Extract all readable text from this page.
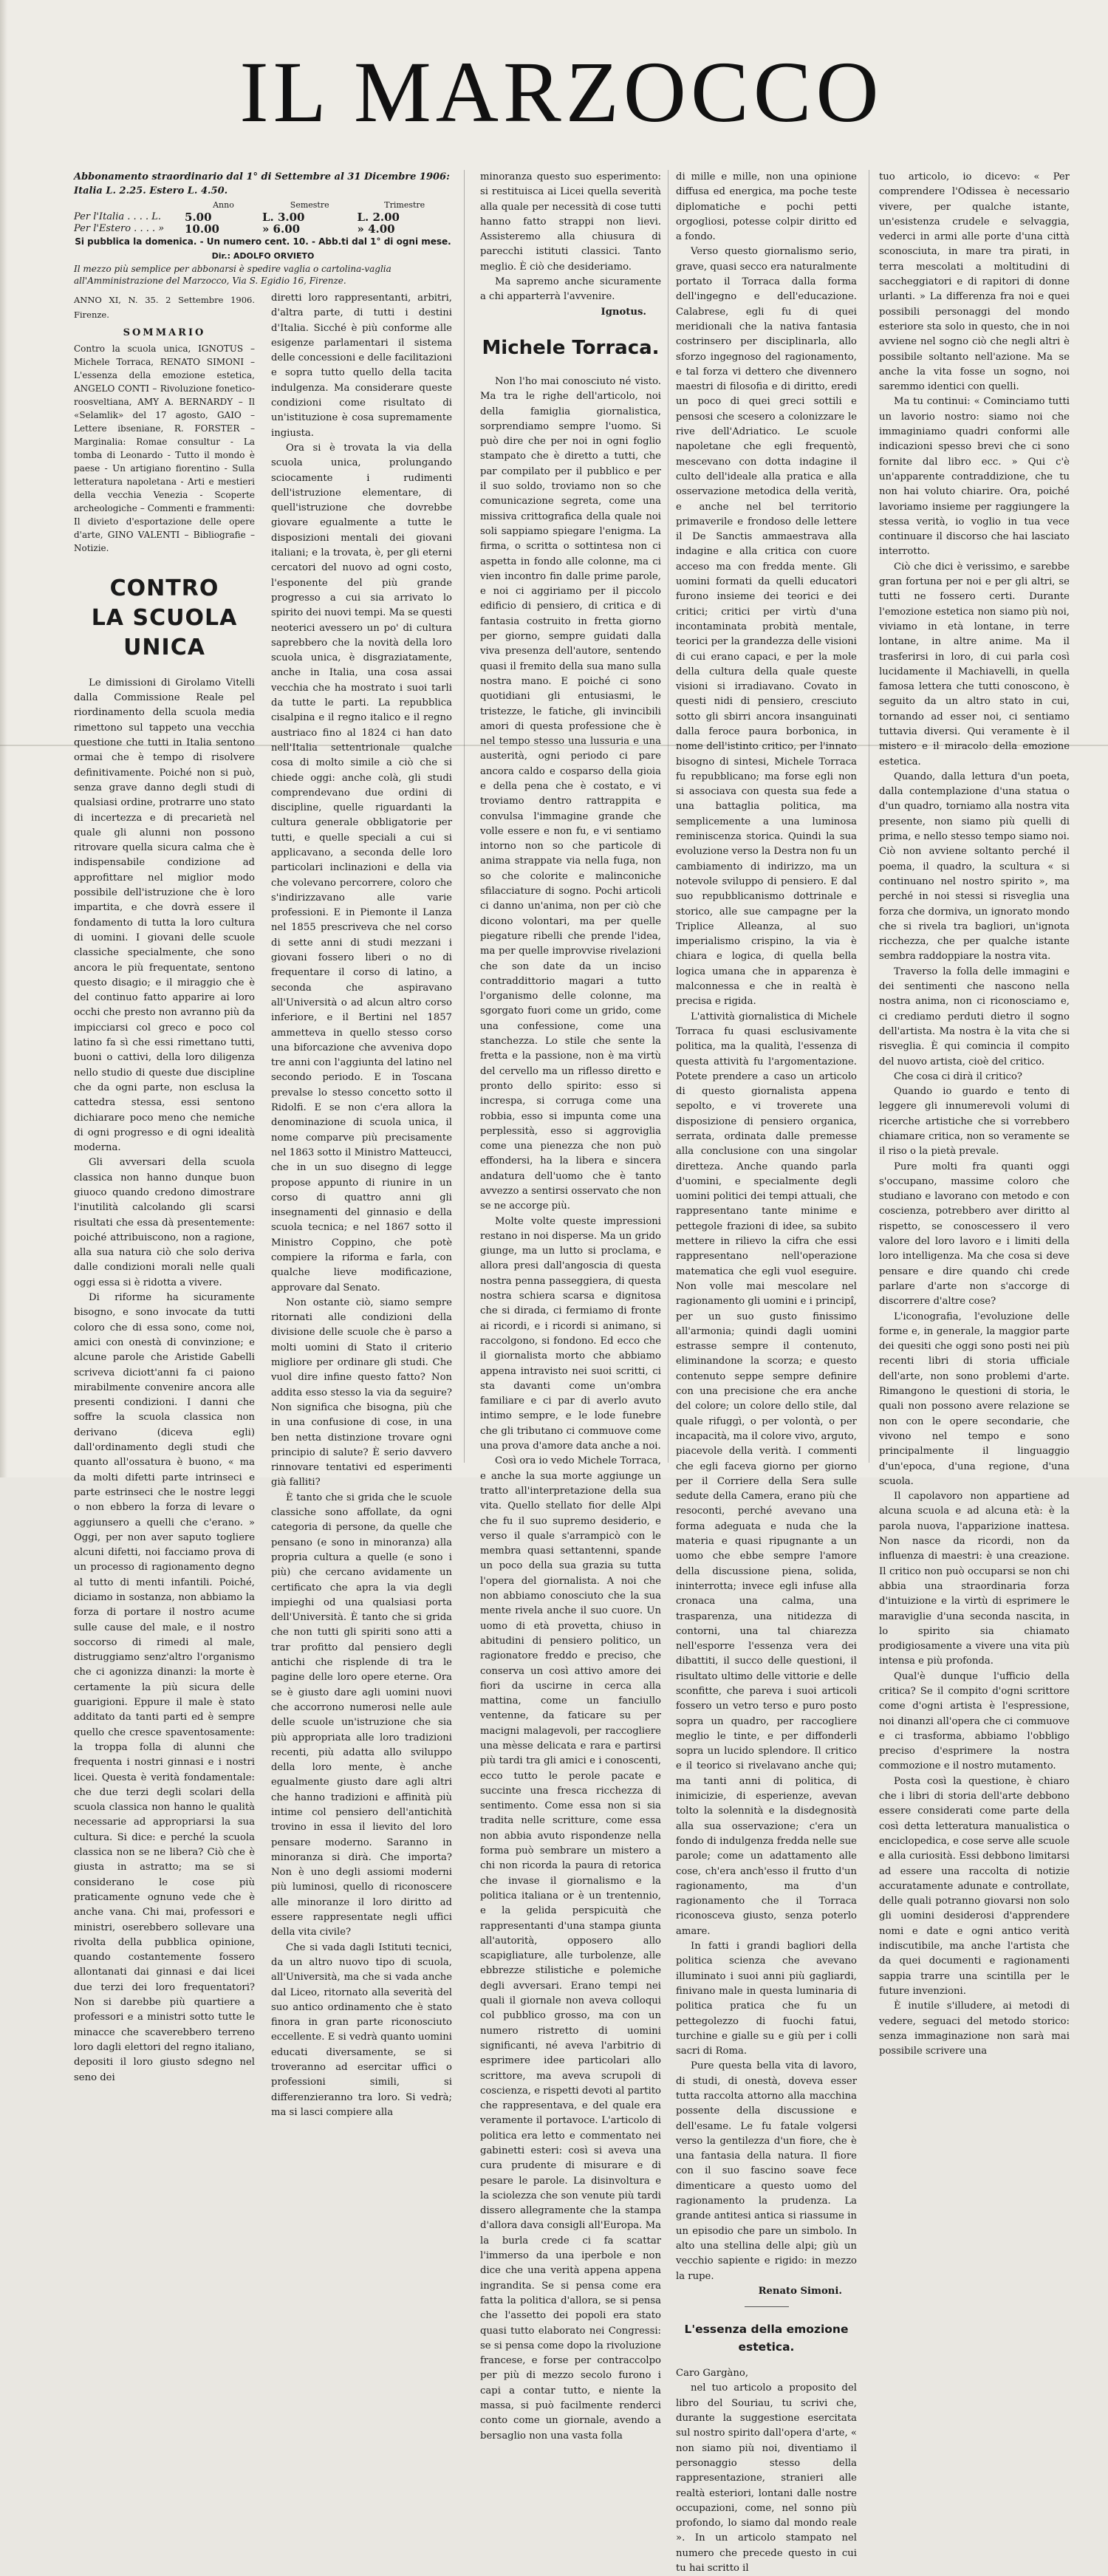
IL MARZOCCO
Abbonamento straordinario dal 1° di Settembre al 31 Dicembre 1906: Italia L. 2.25. Estero L. 4.50.
	Anno	Semestre	Trimestre
Per l'Italia . . . . L.	5.00	L. 3.00	L. 2.00
Per l'Estero . . . . »	10.00	» 6.00	» 4.00
Si pubblica la domenica. - Un numero cent. 10. - Abb.ti dal 1° di ogni mese.
Dir.: ADOLFO ORVIETO
Il mezzo più semplice per abbonarsi è spedire vaglia o cartolina-vaglia all'Amministrazione del Marzocco, Via S. Egidio 16, Firenze.
ANNO XI, N. 35. 2 Settembre 1906. Firenze.
SOMMARIO
Contro la scuola unica, IGNOTUS – Michele Torraca, RENATO SIMONI – L'essenza della emozione estetica, ANGELO CONTI – Rivoluzione fonetico-roosveltiana, AMY A. BERNARDY – Il «Selamlik» del 17 agosto, GAIO – Lettere ibseniane, R. FORSTER – Marginalia: Romae consultur - La tomba di Leonardo - Tutto il mondo è paese - Un artigiano fiorentino - Sulla letteratura napoletana - Arti e mestieri della vecchia Venezia - Scoperte archeologiche – Commenti e frammenti: Il divieto d'esportazione delle opere d'arte, GINO VALENTI – Bibliografie – Notizie.
CONTRO
LA SCUOLA UNICA

Le dimissioni di Girolamo Vitelli dalla Commissione Reale pel riordinamento della scuola media rimettono sul tappeto una vecchia questione che tutti in Italia sentono ormai che è tempo di risolvere definitivamente. Poiché non si può, senza grave danno degli studi di qualsiasi ordine, protrarre uno stato di incertezza e di precarietà nel quale gli alunni non possono ritrovare quella sicura calma che è indispensabile condizione ad approfittare nel miglior modo possibile dell'istruzione che è loro impartita, e che dovrà essere il fondamento di tutta la loro cultura di uomini. I giovani delle scuole classiche specialmente, che sono ancora le più frequentate, sentono questo disagio; e il miraggio che è del continuo fatto apparire ai loro occhi che presto non avranno più da impicciarsi col greco e poco col latino fa sì che essi rimettano tutti, buoni o cattivi, della loro diligenza nello studio di queste due discipline che da ogni parte, non esclusa la cattedra stessa, essi sentono dichiarare poco meno che nemiche di ogni progresso e di ogni idealità moderna.

Gli avversari della scuola classica non hanno dunque buon giuoco quando credono dimostrare l'inutilità calcolando gli scarsi risultati che essa dà presentemente: poiché attribuiscono, non a ragione, alla sua natura ciò che solo deriva dalle condizioni morali nelle quali oggi essa si è ridotta a vivere.

Di riforme ha sicuramente bisogno, e sono invocate da tutti coloro che di essa sono, come noi, amici con onestà di convinzione; e alcune parole che Aristide Gabelli scriveva diciott'anni fa ci paiono mirabilmente convenire ancora alle presenti condizioni. I danni che soffre la scuola classica non derivano (diceva egli) dall'ordinamento degli studi che quanto all'ossatura è buono, « ma da molti difetti parte intrinseci e parte estrinseci che le nostre leggi o non ebbero la forza di levare o aggiunsero a quelli che c'erano. » Oggi, per non aver saputo togliere alcuni difetti, noi facciamo prova di un processo di ragionamento degno al tutto di menti infantili. Poiché, diciamo in sostanza, non abbiamo la forza di portare il nostro acume sulle cause del male, e il nostro soccorso di rimedi al male, distruggiamo senz'altro l'organismo che ci agonizza dinanzi: la morte è certamente la più sicura delle guarigioni. Eppure il male è stato additato da tanti parti ed è sempre quello che cresce spaventosamente: la troppa folla di alunni che frequenta i nostri ginnasi e i nostri licei. Questa è verità fondamentale: che due terzi degli scolari della scuola classica non hanno le qualità necessarie ad appropriarsi la sua cultura. Si dice: e perché la scuola classica non se ne libera? Ciò che è giusta in astratto; ma se si considerano le cose più praticamente ognuno vede che è anche vana. Chi mai, professori e ministri, oserebbero sollevare una rivolta della pubblica opinione, quando costantemente fossero allontanati dai ginnasi e dai licei due terzi dei loro frequentatori? Non si darebbe più quartiere a professori e a ministri sotto tutte le minacce che scaverebbero terreno loro dagli elettori del regno italiano, depositi il loro giusto sdegno nel seno dei

diretti loro rappresentanti, arbitri, d'altra parte, di tutti i destini d'Italia. Sicché è più conforme alle esigenze parlamentari il sistema delle concessioni e delle facilitazioni e sopra tutto quello della tacita indulgenza. Ma considerare queste condizioni come risultato di un'istituzione è cosa supremamente ingiusta.

Ora si è trovata la via della scuola unica, prolungando sciocamente i rudimenti dell'istruzione elementare, di quell'istruzione che dovrebbe giovare egualmente a tutte le disposizioni mentali dei giovani italiani; e la trovata, è, per gli eterni cercatori del nuovo ad ogni costo, l'esponente del più grande progresso a cui sia arrivato lo spirito dei nuovi tempi. Ma se questi neoterici avessero un po' di cultura saprebbero che la novità della loro scuola unica, è disgraziatamente, anche in Italia, una cosa assai vecchia che ha mostrato i suoi tarli da tutte le parti. La repubblica cisalpina e il regno italico e il regno austriaco fino al 1824 ci han dato nell'Italia settentrionale qualche cosa di molto simile a ciò che si chiede oggi: anche colà, gli studi comprendevano due ordini di discipline, quelle riguardanti la cultura generale obbligatorie per tutti, e quelle speciali a cui si applicavano, a seconda delle loro particolari inclinazioni e della via che volevano percorrere, coloro che s'indirizzavano alle varie professioni. E in Piemonte il Lanza nel 1855 prescriveva che nel corso di sette anni di studi mezzani i giovani fossero liberi o no di frequentare il corso di latino, a seconda che aspiravano all'Università o ad alcun altro corso inferiore, e il Bertini nel 1857 ammetteva in quello stesso corso una biforcazione che avveniva dopo tre anni con l'aggiunta del latino nel secondo periodo. E in Toscana prevalse lo stesso concetto sotto il Ridolfi. E se non c'era allora la denominazione di scuola unica, il nome comparve più precisamente nel 1863 sotto il Ministro Matteucci, che in un suo disegno di legge propose appunto di riunire in un corso di quattro anni gli insegnamenti del ginnasio e della scuola tecnica; e nel 1867 sotto il Ministro Coppino, che potè compiere la riforma e farla, con qualche lieve modificazione, approvare dal Senato.

Non ostante ciò, siamo sempre ritornati alle condizioni della divisione delle scuole che è parso a molti uomini di Stato il criterio migliore per ordinare gli studi. Che vuol dire infine questo fatto? Non addita esso stesso la via da seguire? Non significa che bisogna, più che in una confusione di cose, in una ben netta distinzione trovare ogni principio di salute? È serio davvero rinnovare tentativi ed esperimenti già falliti?

È tanto che si grida che le scuole classiche sono affollate, da ogni categoria di persone, da quelle che pensano (e sono in minoranza) alla propria cultura a quelle (e sono i più) che cercano avidamente un certificato che apra la via degli impieghi od una qualsiasi porta dell'Università. È tanto che si grida che non tutti gli spiriti sono atti a trar profitto dal pensiero degli antichi che risplende di tra le pagine delle loro opere eterne. Ora se è giusto dare agli uomini nuovi che accorrono numerosi nelle aule delle scuole un'istruzione che sia più appropriata alle loro tradizioni recenti, più adatta allo sviluppo della loro mente, è anche egualmente giusto dare agli altri che hanno tradizioni e affinità più intime col pensiero dell'antichità trovino in essa il lievito del loro pensare moderno. Saranno in minoranza si dirà. Che importa? Non è uno degli assiomi moderni più luminosi, quello di riconoscere alle minoranze il loro diritto ad essere rappresentate negli uffici della vita civile?

Che si vada dagli Istituti tecnici, da un altro nuovo tipo di scuola, all'Università, ma che si vada anche dal Liceo, ritornato alla severità del suo antico ordinamento che è stato finora in gran parte riconosciuto eccellente. E si vedrà quanto uomini educati diversamente, se si troveranno ad esercitar uffici o professioni simili, si differenzieranno tra loro. Si vedrà; ma si lasci compiere alla

minoranza questo suo esperimento: si restituisca ai Licei quella severità alla quale per necessità di cose tutti hanno fatto strappi non lievi. Assisteremo alla chiusura di parecchi istituti classici. Tanto meglio. È ciò che desideriamo.

Ma sapremo anche sicuramente a chi apparterrà l'avvenire.

Ignotus.
Michele Torraca.

Non l'ho mai conosciuto né visto. Ma tra le righe dell'articolo, noi della famiglia giornalistica, sorprendiamo sempre l'uomo. Si può dire che per noi in ogni foglio stampato che è diretto a tutti, che par compilato per il pubblico e per il suo soldo, troviamo non so che comunicazione segreta, come una missiva crittografica della quale noi soli sappiamo spiegare l'enigma. La firma, o scritta o sottintesa non ci aspetta in fondo alle colonne, ma ci vien incontro fin dalle prime parole, e noi ci aggiriamo per il piccolo edificio di pensiero, di critica e di fantasia costruito in fretta giorno per giorno, sempre guidati dalla viva presenza dell'autore, sentendo quasi il fremito della sua mano sulla nostra mano. E poiché ci sono quotidiani gli entusiasmi, le tristezze, le fatiche, gli invincibili amori di questa professione che è nel tempo stesso una lussuria e una austerità, ogni periodo ci pare ancora caldo e cosparso della gioia e della pena che è costato, e vi troviamo dentro rattrappita e convulsa l'immagine grande che volle essere e non fu, e vi sentiamo intorno non so che particole di anima strappate via nella fuga, non so che colorite e malinconiche sfilacciature di sogno. Pochi articoli ci danno un'anima, non per ciò che dicono volontari, ma per quelle piegature ribelli che prende l'idea, ma per quelle improvvise rivelazioni che son date da un inciso contraddittorio magari a tutto l'organismo delle colonne, ma sgorgato fuori come un grido, come una confessione, come una stanchezza. Lo stile che sente la fretta e la passione, non è ma virtù del cervello ma un riflesso diretto e pronto dello spirito: esso si increspa, si corruga come una robbia, esso si impunta come una perplessità, esso si aggroviglia come una pienezza che non può effondersi, ha la libera e sincera andatura dell'uomo che è tanto avvezzo a sentirsi osservato che non se ne accorge più.

Molte volte queste impressioni restano in noi disperse. Ma un grido giunge, ma un lutto si proclama, e allora presi dall'angoscia di questa nostra penna passeggiera, di questa nostra schiera scarsa e dignitosa che si dirada, ci fermiamo di fronte ai ricordi, e i ricordi si animano, si raccolgono, si fondono. Ed ecco che il giornalista morto che abbiamo appena intravisto nei suoi scritti, ci sta davanti come un'ombra familiare e ci par di averlo avuto intimo sempre, e le lode funebre che gli tributano ci commuove come una prova d'amore data anche a noi.

Così ora io vedo Michele Torraca, e anche la sua morte aggiunge un tratto all'interpretazione della sua vita. Quello stellato fior delle Alpi che fu il suo supremo desiderio, e verso il quale s'arrampicò con le membra quasi settantenni, spande un poco della sua grazia su tutta l'opera del giornalista. A noi che non abbiamo conosciuto che la sua mente rivela anche il suo cuore. Un uomo di età provetta, chiuso in abitudini di pensiero politico, un ragionatore freddo e preciso, che conserva un così attivo amore dei fiori da uscirne in cerca alla mattina, come un fanciullo ventenne, da faticare su per macigni malagevoli, per raccogliere una mèsse delicata e rara e partirsi più tardi tra gli amici e i conoscenti, ecco tutto le perole pacate e succinte una fresca ricchezza di sentimento. Come essa non si sia tradita nelle scritture, come essa non abbia avuto rispondenze nella forma può sembrare un mistero a chi non ricorda la paura di retorica che invase il giornalismo e la politica italiana or è un trentennio, e la gelida perspicuità che rappresentanti d'una stampa giunta all'autorità, opposero allo scapigliature, alle turbolenze, alle ebbrezze stilistiche e polemiche degli avversari. Erano tempi nei quali il giornale non aveva colloqui col pubblico grosso, ma con un numero ristretto di uomini significanti, né aveva l'arbitrio di esprimere idee particolari allo scrittore, ma aveva scrupoli di coscienza, e rispetti devoti al partito che rappresentava, e del quale era veramente il portavoce. L'articolo di politica era letto e commentato nei gabinetti esteri: così si aveva una cura prudente di misurare e di pesare le parole. La disinvoltura e la sciolezza che son venute più tardi dissero allegramente che la stampa d'allora dava consigli all'Europa. Ma la burla crede ci fa scattar l'immerso da una iperbole e non dice che una verità appena appena ingrandita. Se si pensa come era fatta la politica d'allora, se si pensa che l'assetto dei popoli era stato quasi tutto elaborato nei Congressi: se si pensa come dopo la rivoluzione francese, e forse per contraccolpo per più di mezzo secolo furono i capi a contar tutto, e niente la massa, si può facilmente renderci conto come un giornale, avendo a bersaglio non una vasta folla

di mille e mille, non una opinione diffusa ed energica, ma poche teste diplomatiche e pochi petti orgogliosi, potesse colpir diritto ed a fondo.

Verso questo giornalismo serio, grave, quasi secco era naturalmente portato il Torraca dalla forma dell'ingegno e dell'educazione. Calabrese, egli fu di quei meridionali che la nativa fantasia costrinsero per disciplinarla, allo sforzo ingegnoso del ragionamento, e tal forza vi dettero che divennero maestri di filosofia e di diritto, eredi un poco di quei greci sottili e pensosi che scesero a colonizzare le rive dell'Adriatico. Le scuole napoletane che egli frequentò, mescevano con dotta indagine il culto dell'ideale alla pratica e alla osservazione metodica della verità, e anche nel bel territorio primaverile e frondoso delle lettere il De Sanctis ammaestrava alla indagine e alla critica con cuore acceso ma con fredda mente. Gli uomini formati da quelli educatori furono insieme dei teorici e dei critici; critici per virtù d'una incontaminata probità mentale, teorici per la grandezza delle visioni di cui erano capaci, e per la mole della cultura della quale queste visioni si irradiavano. Covato in questi nidi di pensiero, cresciuto sotto gli sbirri ancora insanguinati dalla feroce paura borbonica, in nome dell'istinto critico, per l'innato bisogno di sintesi, Michele Torraca fu repubblicano; ma forse egli non si associava con questa sua fede a una battaglia politica, ma semplicemente a una luminosa reminiscenza storica. Quindi la sua evoluzione verso la Destra non fu un cambiamento di indirizzo, ma un notevole sviluppo di pensiero. E dal suo repubblicanismo dottrinale e storico, alle sue campagne per la Triplice Alleanza, al suo imperialismo crispino, la via è chiara e logica, di quella bella logica umana che in apparenza è malconnessa e che in realtà è precisa e rigida.

L'attività giornalistica di Michele Torraca fu quasi esclusivamente politica, ma la qualità, l'essenza di questa attività fu l'argomentazione. Potete prendere a caso un articolo di questo giornalista appena sepolto, e vi troverete una disposizione di pensiero organica, serrata, ordinata dalle premesse alla conclusione con una singolar diretteza. Anche quando parla d'uomini, e specialmente degli uomini politici dei tempi attuali, che rappresentano tante minime e pettegole frazioni di idee, sa subito mettere in rilievo la cifra che essi rappresentano nell'operazione matematica che egli vuol eseguire. Non volle mai mescolare nel ragionamento gli uomini e i principî, per un suo gusto finissimo all'armonia; quindi dagli uomini estrasse sempre il contenuto, eliminandone la scorza; e questo contenuto seppe sempre definire con una precisione che era anche del colore; un colore dello stile, dal quale rifuggì, o per volontà, o per incapacità, ma il colore vivo, arguto, piacevole della verità. I commenti che egli faceva giorno per giorno per il Corriere della Sera sulle sedute della Camera, erano più che resoconti, perché avevano una forma adeguata e nuda che la materia e quasi ripugnante a un uomo che ebbe sempre l'amore della discussione piena, solida, ininterrotta; invece egli infuse alla cronaca una calma, una trasparenza, una nitidezza di contorni, una tal chiarezza nell'esporre l'essenza vera dei dibattiti, il succo delle questioni, il risultato ultimo delle vittorie e delle sconfitte, che pareva i suoi articoli fossero un vetro terso e puro posto sopra un quadro, per raccogliere meglio le tinte, e per diffonderli sopra un lucido splendore. Il critico e il teorico si rivelavano anche qui; ma tanti anni di politica, di inimicizie, di esperienze, avevan tolto la solennità e la disdegnosità alla sua osservazione; c'era un fondo di indulgenza fredda nelle sue parole; come un adattamento alle cose, ch'era anch'esso il frutto d'un ragionamento, ma d'un ragionamento che il Torraca riconosceva giusto, senza poterlo amare.

In fatti i grandi bagliori della politica scienza che avevano illuminato i suoi anni più gagliardi, finivano male in questa luminaria di politica pratica che fu un pettegolezzo di fuochi fatui, turchine e gialle su e giù per i colli sacri di Roma.

Pure questa bella vita di lavoro, di studi, di onestà, doveva esser tutta raccolta attorno alla macchina possente della discussione e dell'esame. Le fu fatale volgersi verso la gentilezza d'un fiore, che è una fantasia della natura. Il fiore con il suo fascino soave fece dimenticare a questo uomo del ragionamento la prudenza. La grande antitesi antica si riassume in un episodio che pare un simbolo. In alto una stellina delle alpi; giù un vecchio sapiente e rigido: in mezzo la rupe.

Renato Simoni.
L'essenza della emozione estetica.

Caro Gargàno,

nel tuo articolo a proposito del libro del Souriau, tu scrivi che, durante la suggestione esercitata sul nostro spirito dall'opera d'arte, « non siamo più noi, diventiamo il personaggio stesso della rappresentazione, stranieri alle realtà esteriori, lontani dalle nostre occupazioni, come, nel sonno più profondo, lo siamo dal mondo reale ». In un articolo stampato nel numero che precede questo in cui tu hai scritto il

tuo articolo, io dicevo: « Per comprendere l'Odissea è necessario vivere, per qualche istante, un'esistenza crudele e selvaggia, vederci in armi alle porte d'una città sconosciuta, in mare tra pirati, in terra mescolati a moltitudini di saccheggiatori e di rapitori di donne urlanti. » La differenza fra noi e quei possibili personaggi del mondo esteriore sta solo in questo, che in noi avviene nel sogno ciò che negli altri è possibile soltanto nell'azione. Ma se anche la vita fosse un sogno, noi saremmo identici con quelli.

Ma tu continui: « Cominciamo tutti un lavorio nostro: siamo noi che immaginiamo quadri conformi alle indicazioni spesso brevi che ci sono fornite dal libro ecc. » Qui c'è un'apparente contraddizione, che tu non hai voluto chiarire. Ora, poiché lavoriamo insieme per raggiungere la stessa verità, io voglio in tua vece continuare il discorso che hai lasciato interrotto.

Ciò che dici è verissimo, e sarebbe gran fortuna per noi e per gli altri, se tutti ne fossero certi. Durante l'emozione estetica non siamo più noi, viviamo in età lontane, in terre lontane, in altre anime. Ma il trasferirsi in loro, di cui parla così lucidamente il Machiavelli, in quella famosa lettera che tutti conoscono, è seguito da un altro stato in cui, tornando ad esser noi, ci sentiamo tuttavia diversi. Qui veramente è il mistero e il miracolo della emozione estetica.

Quando, dalla lettura d'un poeta, dalla contemplazione d'una statua o d'un quadro, torniamo alla nostra vita presente, non siamo più quelli di prima, e nello stesso tempo siamo noi. Ciò non avviene soltanto perché il poema, il quadro, la scultura « si continuano nel nostro spirito », ma perché in noi stessi si risveglia una forza che dormiva, un ignorato mondo che si rivela tra bagliori, un'ignota ricchezza, che per qualche istante sembra raddoppiare la nostra vita.

Traverso la folla delle immagini e dei sentimenti che nascono nella nostra anima, non ci riconosciamo e, ci crediamo perduti dietro il sogno dell'artista. Ma nostra è la vita che si risveglia. È qui comincia il compito del nuovo artista, cioè del critico.

Che cosa ci dirà il critico?

Quando io guardo e tento di leggere gli innumerevoli volumi di ricerche artistiche che si vorrebbero chiamare critica, non so veramente se il riso o la pietà prevale.

Pure molti fra quanti oggi s'occupano, massime coloro che studiano e lavorano con metodo e con coscienza, potrebbero aver diritto al rispetto, se conoscessero il vero valore del loro lavoro e i limiti della loro intelligenza. Ma che cosa si deve pensare e dire quando chi crede parlare d'arte non s'accorge di discorrere d'altre cose?

L'iconografia, l'evoluzione delle forme e, in generale, la maggior parte dei quesiti che oggi sono posti nei più recenti libri di storia ufficiale dell'arte, non sono problemi d'arte. Rimangono le questioni di storia, le quali non possono avere relazione se non con le opere secondarie, che vivono nel tempo e sono principalmente il linguaggio d'un'epoca, d'una regione, d'una scuola.

Il capolavoro non appartiene ad alcuna scuola e ad alcuna età: è la parola nuova, l'apparizione inattesa. Non nasce da ricordi, non da influenza di maestri: è una creazione. Il critico non può occuparsi se non chi abbia una straordinaria forza d'intuizione e la virtù di esprimere le maraviglie d'una seconda nascita, in lo spirito sia chiamato prodigiosamente a vivere una vita più intensa e più profonda.

Qual'è dunque l'ufficio della critica? Se il compito d'ogni scrittore come d'ogni artista è l'espressione, noi dinanzi all'opera che ci commuove e ci trasforma, abbiamo l'obbligo preciso d'esprimere la nostra commozione e il nostro mutamento.

Posta così la questione, è chiaro che i libri di storia dell'arte debbono essere considerati come parte della così detta letteratura manualistica o enciclopedica, e cose serve alle scuole e alla curiosità. Essi debbono limitarsi ad essere una raccolta di notizie accuratamente adunate e controllate, delle quali potranno giovarsi non solo gli uomini desiderosi d'apprendere nomi e date e ogni antico verità indiscutibile, ma anche l'artista che da quei documenti e ragionamenti sappia trarre una scintilla per le future invenzioni.

È inutile s'illudere, ai metodi di vedere, seguaci del metodo storico: senza immaginazione non sarà mai possibile scrivere una
